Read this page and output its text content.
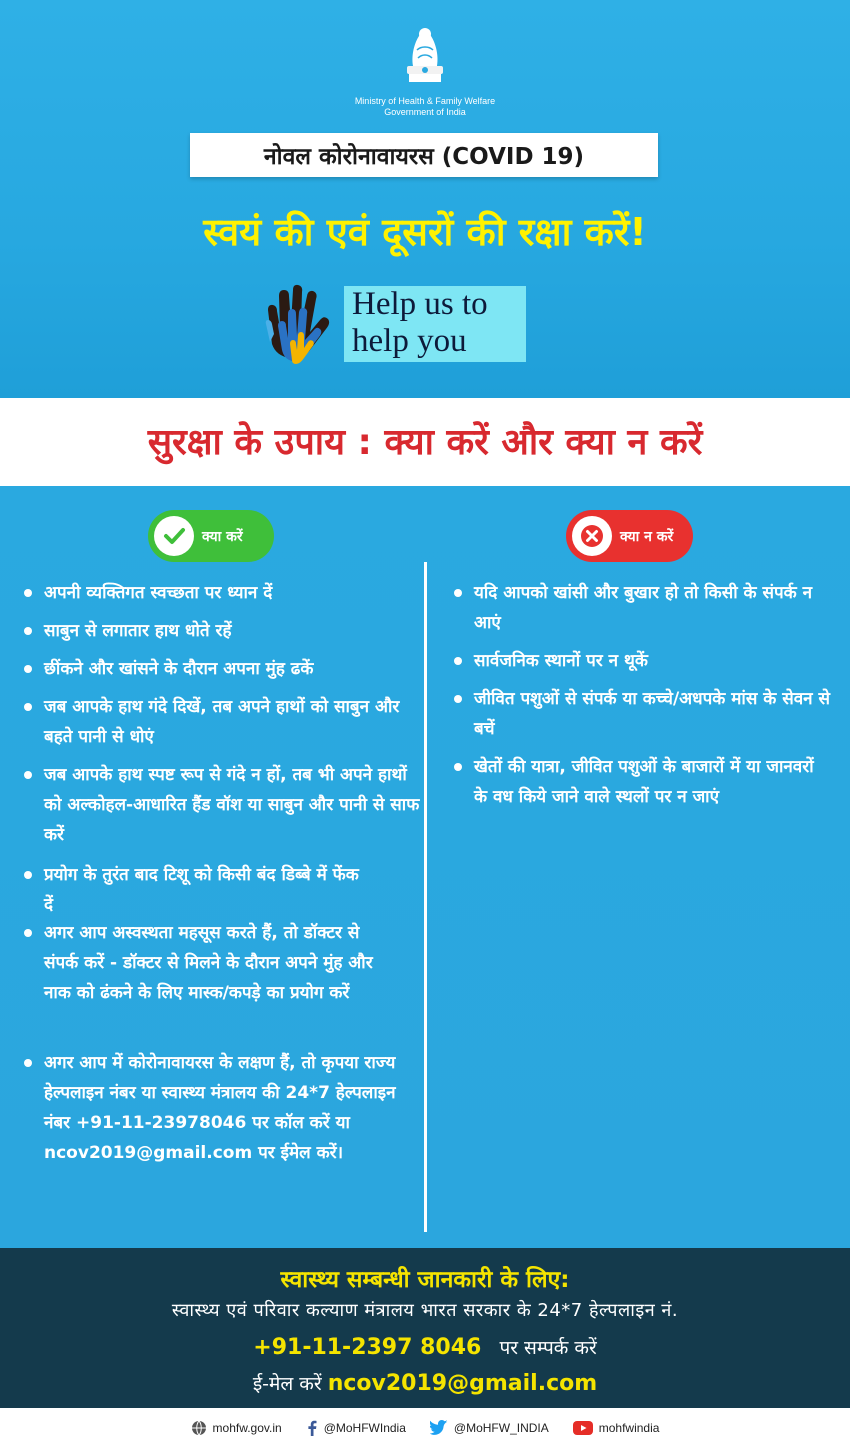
Ministry of Health & Family Welfare
Government of India
नोवल कोरोनावायरस (COVID 19)
स्वयं की एवं दूसरों की रक्षा करें!
Help us to
help you
सुरक्षा के उपाय : क्या करें और क्या न करें
क्या करें	क्या न करें
अपनी व्यक्तिगत स्वच्छता पर ध्यान दें
साबुन से लगातार हाथ धोते रहें
छींकने और खांसने के दौरान अपना मुंह ढकें
जब आपके हाथ गंदे दिखें, तब अपने हाथों को साबुन और बहते पानी से धोएं
जब आपके हाथ स्पष्ट रूप से गंदे न हों, तब भी अपने हाथों को अल्कोहल-आधारित हैंड वॉश या साबुन और पानी से साफ करें
प्रयोग के तुरंत बाद टिशू को किसी बंद डिब्बे में फेंक दें
अगर आप अस्वस्थता महसूस करते हैं, तो डॉक्टर से संपर्क करें - डॉक्टर से मिलने के दौरान अपने मुंह और नाक को ढंकने के लिए मास्क/कपड़े का प्रयोग करें
अगर आप में कोरोनावायरस के लक्षण हैं, तो कृपया राज्य हेल्पलाइन नंबर या स्वास्थ्य मंत्रालय की 24*7 हेल्पलाइन नंबर +91-11-23978046 पर कॉल करें या ncov2019@gmail.com पर ईमेल करें।
यदि आपको खांसी और बुखार हो तो किसी के संपर्क न आएं
सार्वजनिक स्थानों पर न थूकें
जीवित पशुओं से संपर्क या कच्चे/अधपके मांस के सेवन से बचें
खेतों की यात्रा, जीवित पशुओं के बाजारों में या जानवरों के वध किये जाने वाले स्थलों पर न जाएं
स्वास्थ्य सम्बन्धी जानकारी के लिए:
स्वास्थ्य एवं परिवार कल्याण मंत्रालय भारत सरकार के 24*7 हेल्पलाइन नं.
+91-11-2397 8046 पर सम्पर्क करें
ई-मेल करें ncov2019@gmail.com
mohfw.gov.in	@MoHFWIndia	@MoHFW_INDIA	mohfwindia
